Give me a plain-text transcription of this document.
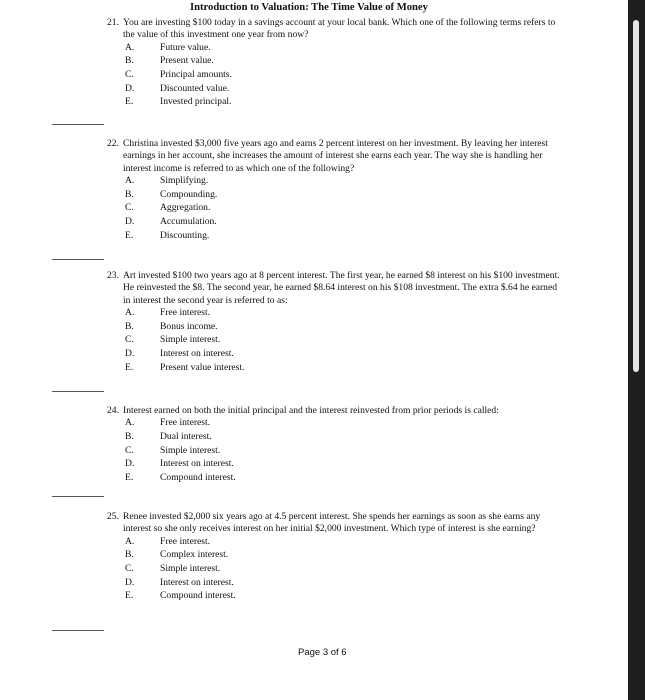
Introduction to Valuation: The Time Value of Money
21. You are investing $100 today in a savings account at your local bank. Which one of the following terms refers to the value of this investment one year from now?
A.	Future value.
B.	Present value.
C.	Principal amounts.
D.	Discounted value.
E.	Invested principal.
22. Christina invested $3,000 five years ago and earns 2 percent interest on her investment. By leaving her interest earnings in her account, she increases the amount of interest she earns each year. The way she is handling her interest income is referred to as which one of the following?
A.	Simplifying.
B.	Compounding.
C.	Aggregation.
D.	Accumulation.
E.	Discounting.
23. Art invested $100 two years ago at 8 percent interest. The first year, he earned $8 interest on his $100 investment. He reinvested the $8. The second year, he earned $8.64 interest on his $108 investment. The extra $.64 he earned in interest the second year is referred to as:
A.	Free interest.
B.	Bonus income.
C.	Simple interest.
D.	Interest on interest.
E.	Present value interest.
24. Interest earned on both the initial principal and the interest reinvested from prior periods is called:
A.	Free interest.
B.	Dual interest.
C.	Simple interest.
D.	Interest on interest.
E.	Compound interest.
25. Renee invested $2,000 six years ago at 4.5 percent interest. She spends her earnings as soon as she earns any interest so she only receives interest on her initial $2,000 investment. Which type of interest is she earning?
A.	Free interest.
B.	Complex interest.
C.	Simple interest.
D.	Interest on interest.
E.	Compound interest.
Page 3 of 6
